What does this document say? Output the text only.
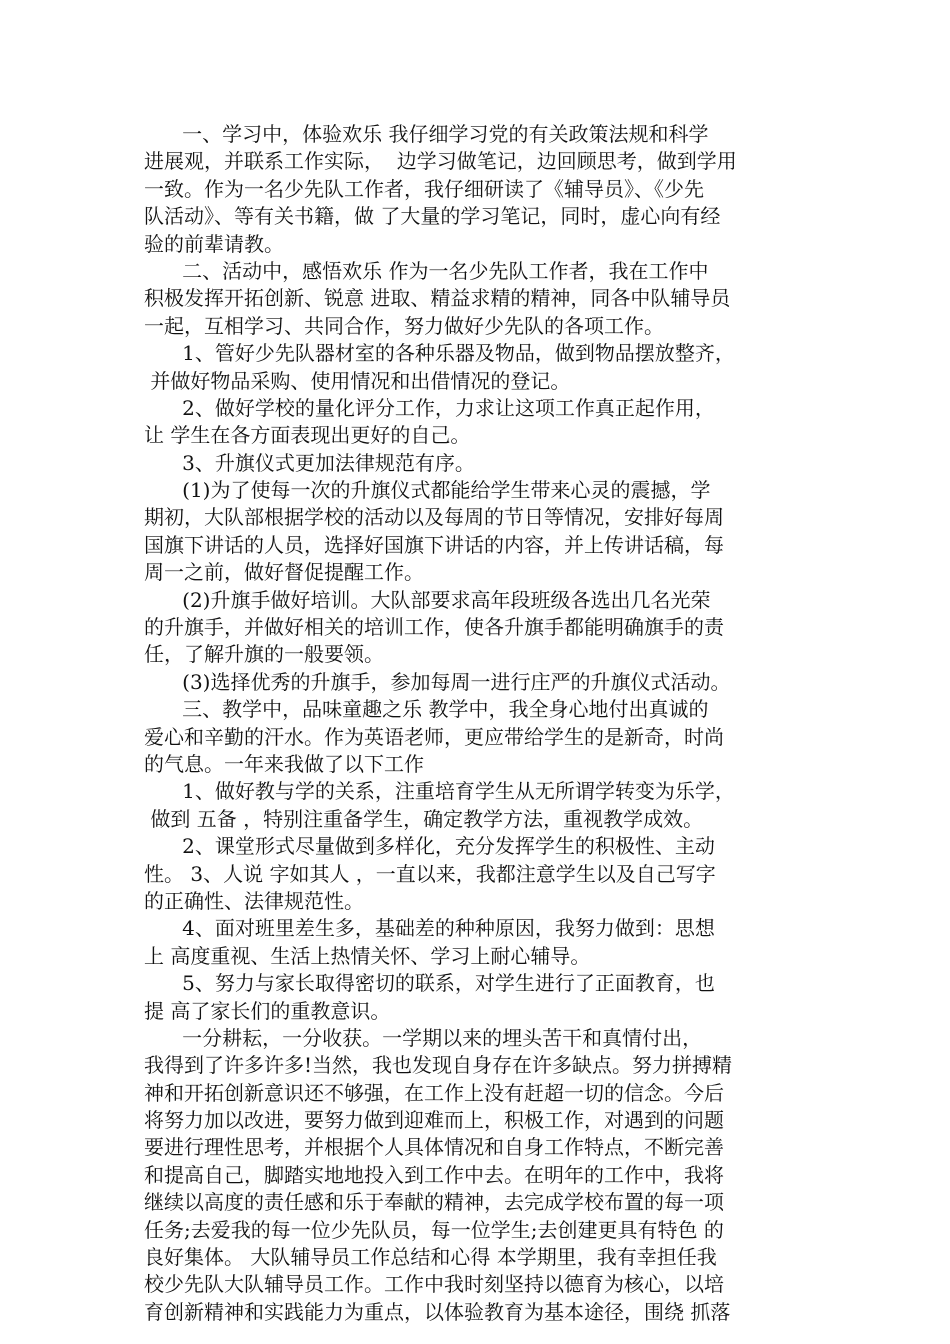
一、学习中，体验欢乐 我仔细学习党的有关政策法规和科学
进展观，并联系工作实际，  边学习做笔记，边回顾思考，做到学用
一致。作为一名少先队工作者，我仔细研读了《辅导员》、《少先
队活动》、等有关书籍，做 了大量的学习笔记，同时，虚心向有经
验的前辈请教。
二、活动中，感悟欢乐 作为一名少先队工作者，我在工作中
积极发挥开拓创新、锐意 进取、精益求精的精神，同各中队辅导员
一起，互相学习、共同合作，努力做好少先队的各项工作。
1、管好少先队器材室的各种乐器及物品，做到物品摆放整齐，
并做好物品采购、使用情况和出借情况的登记。
2、做好学校的量化评分工作，力求让这项工作真正起作用，
让 学生在各方面表现出更好的自己。
3、升旗仪式更加法律规范有序。
(1)为了使每一次的升旗仪式都能给学生带来心灵的震撼，学
期初，大队部根据学校的活动以及每周的节日等情况，安排好每周
国旗下讲话的人员，选择好国旗下讲话的内容，并上传讲话稿，每
周一之前，做好督促提醒工作。
(2)升旗手做好培训。大队部要求高年段班级各选出几名光荣
的升旗手，并做好相关的培训工作，使各升旗手都能明确旗手的责
任，了解升旗的一般要领。
(3)选择优秀的升旗手，参加每周一进行庄严的升旗仪式活动。
三、教学中，品味童趣之乐 教学中，我全身心地付出真诚的
爱心和辛勤的汗水。作为英语老师，更应带给学生的是新奇，时尚
的气息。一年来我做了以下工作
1、做好教与学的关系，注重培育学生从无所谓学转变为乐学，
做到 五备 ，特别注重备学生，确定教学方法，重视教学成效。
2、课堂形式尽量做到多样化，充分发挥学生的积极性、主动
性。 3、人说 字如其人 ，一直以来，我都注意学生以及自己写字
的正确性、法律规范性。
4、面对班里差生多，基础差的种种原因，我努力做到：思想
上 高度重视、生活上热情关怀、学习上耐心辅导。
5、努力与家长取得密切的联系，对学生进行了正面教育，也
提 高了家长们的重教意识。
一分耕耘，一分收获。一学期以来的埋头苦干和真情付出，
我得到了许多许多!当然，我也发现自身存在许多缺点。努力拼搏精
神和开拓创新意识还不够强，在工作上没有赶超一切的信念。今后
将努力加以改进，要努力做到迎难而上，积极工作，对遇到的问题
要进行理性思考，并根据个人具体情况和自身工作特点，不断完善
和提高自己，脚踏实地地投入到工作中去。在明年的工作中，我将
继续以高度的责任感和乐于奉献的精神，去完成学校布置的每一项
任务;去爱我的每一位少先队员，每一位学生;去创建更具有特色 的
良好集体。 大队辅导员工作总结和心得 本学期里，我有幸担任我
校少先队大队辅导员工作。工作中我时刻坚持以德育为核心，以培
育创新精神和实践能力为重点，以体验教育为基本途径，围绕 抓落
